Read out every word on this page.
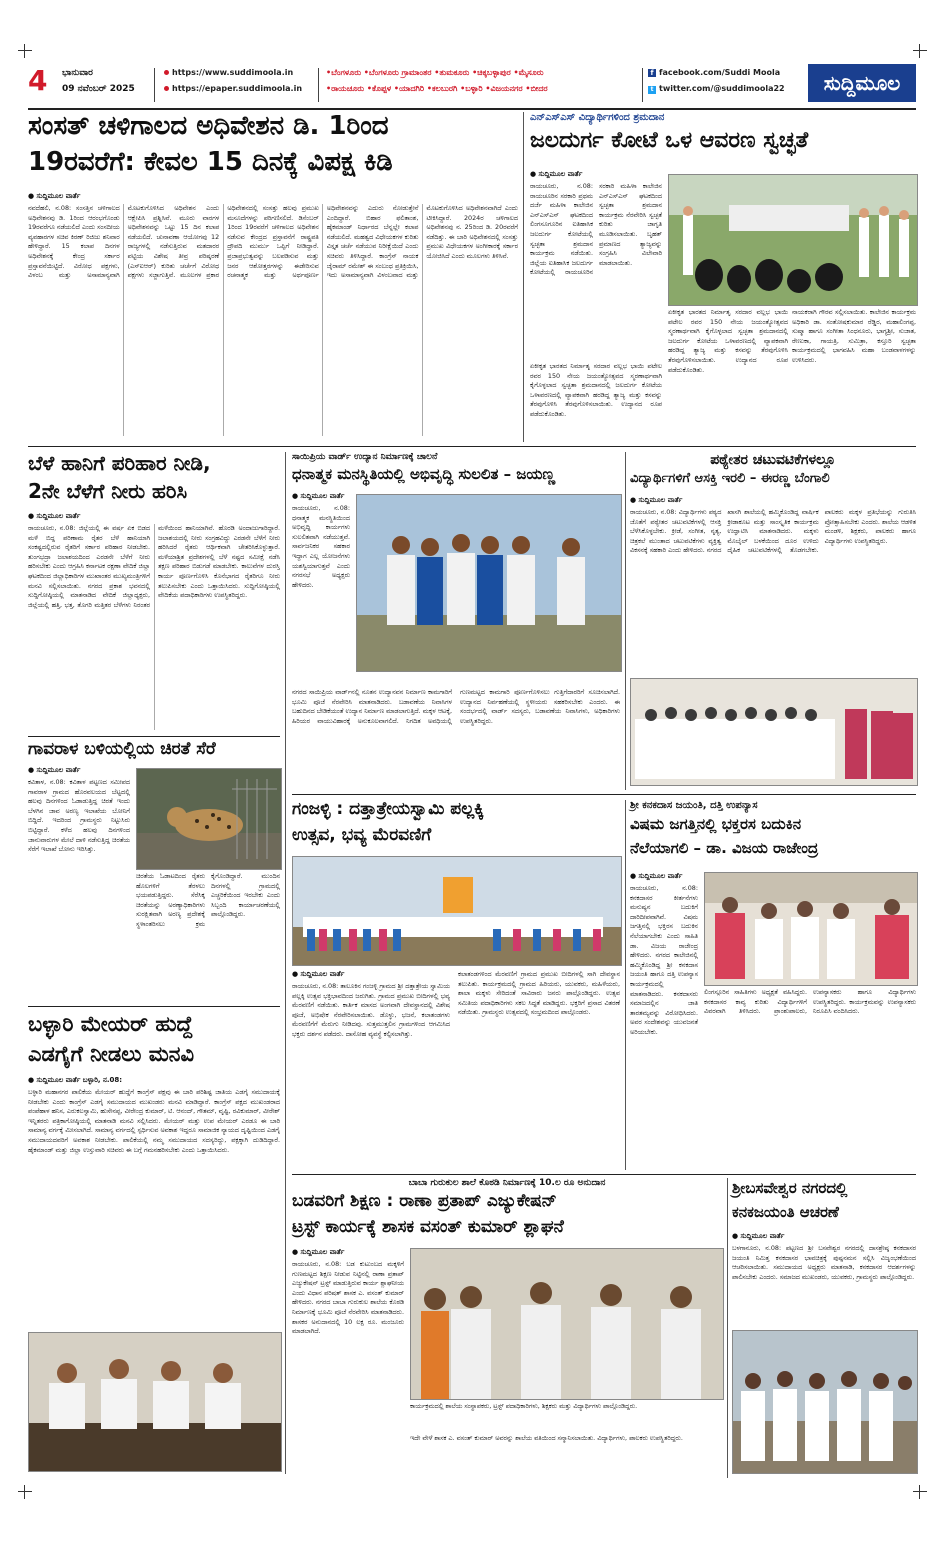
4 ಭಾನುವಾರ
09 ನವೆಂಬರ್ 2025
https://www.suddimoola.in
https://epaper.suddimoola.in
•ಬೆಂಗಳೂರು •ಬೆಂಗಳೂರು ಗ್ರಾಮಾಂತರ •ತುಮಕೂರು •ಚಿಕ್ಕಬಳ್ಳಾಪುರ •ಮೈಸೂರು
•ರಾಯಚೂರು •ಕೊಪ್ಪಳ •ಯಾದಗಿರಿ •ಕಲಬುರಗಿ •ಬಳ್ಳಾರಿ •ವಿಜಯನಗರ •ಬೀದರ
f facebook.com/Suddi Moola
t twitter.com/@suddimoola22	ಸುದ್ದಿಮೂಲ
ಸಂಸತ್ ಚಳಿಗಾಲದ ಅಧಿವೇಶನ ಡಿ. 1ರಿಂದ
19ರವರೆಗೆ: ಕೇವಲ 15 ದಿನಕ್ಕೆ ವಿಪಕ್ಷ ಕಿಡಿ
● ಸುದ್ದಿಮೂಲ ವಾರ್ತೆ
ನವದೆಹಲಿ, ನ.08: ಸಂಸತ್ತಿನ ಚಳಿಗಾಲದ ಅಧಿವೇಶನವು ಡಿ. 1ರಿಂದ ಆರಂಭಗೊಂಡು 19ರವರೆಗೂ ನಡೆಯಲಿದೆ ಎಂದು ಸಂಸದೀಯ ವ್ಯವಹಾರಗಳ ಸಚಿವ ಕಿರಣ್ ರಿಜಿಜು ಶನಿವಾರ ಹೇಳಿದ್ದಾರೆ. 15 ಕಲಾಪ ದಿನಗಳ ಅಧಿವೇಶನಕ್ಕೆ ಕೇಂದ್ರ ಸರ್ಕಾರ ಪ್ರಸ್ತಾವನೆಯಿಟ್ಟಿದೆ. ವಿರೋಧ ಪಕ್ಷಗಳು, ವಿಳಂಬ ಮತ್ತು ಅಸಾಮಾನ್ಯವಾಗಿ ಮೊಟಕುಗೊಳಿಸಿದ ಅಧಿವೇಶನ ಎಂದು ಆಕ್ಷೇಪಿಸಿ ಪ್ರಶ್ನಿಸಿವೆ. ಮೂರು ವಾರಗಳ ಅಧಿವೇಶನವನ್ನು ಒಟ್ಟು 15 ದಿನ ಕಲಾಪ ನಡೆಯಲಿದೆ. ಚುನಾವಣಾ ಆಯೋಗವು 12 ರಾಜ್ಯಗಳಲ್ಲಿ ನಡೆಸುತ್ತಿರುವ ಮತದಾರರ ಪಟ್ಟಿಯ ವಿಶೇಷ ತೀವ್ರ ಪರಿಷ್ಕರಣೆ (ಎಸ್ಐಆರ್) ಕುರಿತು ಚರ್ಚೆಗೆ ವಿರೋಧ ಪಕ್ಷಗಳು ಸಜ್ಜಾಗುತ್ತಿವೆ. ಮೂಲಗಳ ಪ್ರಕಾರ ಅಧಿವೇಶನದಲ್ಲಿ ಸಂಸತ್ತು ಹಲವು ಪ್ರಮುಖ ಮಸೂದೆಗಳನ್ನು ಪರಿಗಣಿಸಲಿದೆ. ಡಿಸೆಂಬರ್ 1ರಿಂದ 19ರವರೆಗೆ ಚಳಿಗಾಲದ ಅಧಿವೇಶನ ನಡೆಸುವ ಕೇಂದ್ರದ ಪ್ರಸ್ತಾವನೆಗೆ ರಾಷ್ಟ್ರಪತಿ ದ್ರೌಪದಿ ಮುರ್ಮು ಒಪ್ಪಿಗೆ ನೀಡಿದ್ದಾರೆ. ಪ್ರಜಾಪ್ರಭುತ್ವವನ್ನು ಬಲಪಡಿಸುವ ಮತ್ತು ಜನರ ಆಶೋತ್ತರಗಳನ್ನು ಈಡೇರಿಸುವ ರಚನಾತ್ಮಕ ಮತ್ತು ಅರ್ಥಪೂರ್ಣ ಅಧಿವೇಶನವನ್ನು ಎದುರು ನೋಡುತ್ತೇನೆ ಎಂದಿದ್ದಾರೆ. ಬಿಹಾರ ಫಲಿತಾಂಶ, ಹೈಕಮಾಂಡ್ ನಿರ್ಧಾರದ ಬೆನ್ನಲ್ಲೇ ಕಲಾಪ ನಡೆಯಲಿದೆ. ಮಹತ್ವದ ವಿಧೇಯಕಗಳ ಕುರಿತು ವಿಸ್ತೃತ ಚರ್ಚೆ ನಡೆಯುವ ನಿರೀಕ್ಷೆಯಿದೆ ಎಂದು ಸಚಿವರು ತಿಳಿಸಿದ್ದಾರೆ. ಕಾಂಗ್ರೆಸ್ ನಾಯಕ ಜೈರಾಮ್ ರಮೇಶ್ ಈ ಸಂಬಂಧ ಪ್ರತಿಕ್ರಿಯಿಸಿ, ಇದು ಅಸಾಮಾನ್ಯವಾಗಿ ವಿಳಂಬವಾದ ಮತ್ತು ಮೊಟಕುಗೊಳಿಸಿದ ಅಧಿವೇಶನವಾಗಿದೆ ಎಂದು ಟೀಕಿಸಿದ್ದಾರೆ. 2024ರ ಚಳಿಗಾಲದ ಅಧಿವೇಶನವು ನ. 25ರಿಂದ ಡಿ. 20ರವರೆಗೆ ನಡೆದಿತ್ತು. ಈ ಬಾರಿ ಅಧಿವೇಶನದಲ್ಲಿ ಸಂಸತ್ತು ಪ್ರಮುಖ ವಿಧೇಯಕಗಳ ಅಂಗೀಕಾರಕ್ಕೆ ಸರ್ಕಾರ ಯೋಜಿಸಿದೆ ಎಂದು ಮೂಲಗಳು ತಿಳಿಸಿವೆ.
ಎನ್ಎಸ್ಎಸ್ ವಿದ್ಯಾರ್ಥಿಗಳಿಂದ ಶ್ರಮದಾನ
ಜಲದುರ್ಗ ಕೋಟೆ ಒಳ ಆವರಣ ಸ್ವಚ್ಛತೆ
● ಸುದ್ದಿಮೂಲ ವಾರ್ತೆ
ರಾಯಚೂರು, ನ.08: ರಾಯಚೂರಿನ ಸರಕಾರಿ ಪ್ರಥಮ ದರ್ಜೆ ಮಹಿಳಾ ಕಾಲೇಜಿನ ಎನ್ಎಸ್ಎಸ್ ಘಟಕದಿಂದ ಲಿಂಗಸೂಗೂರಿನ ಐತಿಹಾಸಿಕ ಜಲದುರ್ಗ ಕೋಟೆಯಲ್ಲಿ ಸ್ವಚ್ಛತಾ ಶ್ರಮದಾನ ಕಾರ್ಯಕ್ರಮ ನಡೆಯಿತು. ಜಿಲ್ಲೆಯ ಐತಿಹಾಸಿಕ ಜಲದುರ್ಗ ಕೋಟೆಯಲ್ಲಿ ರಾಯಚೂರಿನ ಸರಕಾರಿ ಮಹಿಳಾ ಕಾಲೇಜಿನ ಎನ್ಎಸ್ಎಸ್ ಘಟಕದಿಂದ ಸ್ವಚ್ಛತಾ ಶ್ರಮದಾನ ಕಾರ್ಯಕ್ರಮ ನೆರವೇರಿಸಿ ಸ್ವಚ್ಛತೆ ಕುರಿತು ಜಾಗೃತಿ ಮೂಡಿಸಲಾಯಿತು. ಬೃಹತ್ ಪ್ರಮಾಣದ ತ್ಯಾಜ್ಯವನ್ನು ಸಂಗ್ರಹಿಸಿ ವಿಲೇವಾರಿ ಮಾಡಲಾಯಿತು.
ಏಕೀಕೃತ ಭಾರತದ ನಿರ್ಮಾತೃ ಸರದಾರ ವಲ್ಲಭ ಭಾಯಿ ಪಟೇಲ ರವರ 150 ನೇಯ ಜಯಂತ್ಯೋತ್ಸವದ ಸ್ಮರಣಾರ್ಥವಾಗಿ ಕೈಗೊಳ್ಳಲಾದ ಸ್ವಚ್ಛತಾ ಶ್ರಮದಾನದಲ್ಲಿ ಜಲದುರ್ಗ ಕೋಟೆಯ ಒಳಾವರಣದಲ್ಲಿ ವ್ಯಾಪಕವಾಗಿ ಹರಡಿದ್ದ ತ್ಯಾಜ್ಯ ಮತ್ತು ಕಸವನ್ನು ತೆರವುಗೊಳಿಸಿ ತೆರವುಗೊಳಿಸಲಾಯಿತು. ಉದ್ಯಾನದ ರೂಪ ಪಡೆದುಕೊಂಡಿತು.
ನಾಯಕರಾಗಿ ಗೌರವ ಸಲ್ಲಿಸಲಾಯಿತು. ಕಾಲೇಜಿನ ಕಾರ್ಯಕ್ರಮ ಅಧಿಕಾರಿ ಡಾ. ಸಂತೋಷಕುಮಾರ ರೆಡ್ಡಿರ, ಮಹಾಲಿಂಗಪ್ಪ, ಸುಷ್ಮಾ ಹಾಗೂ ಸಂಗೀತಾ ಸಿಂಧನೂರು, ಭಾಗ್ಯಶ್ರೀ, ಸುಜಾತ, ರೇಣುಕಾ, ಗಾಯತ್ರಿ, ಸುಮಿತ್ರಾ, ಕಸ್ತೂರಿ ಸ್ವಚ್ಛತಾ ಕಾರ್ಯಕ್ರಮದಲ್ಲಿ ಭಾಗವಹಿಸಿ ಮಹಾ ಬಂಡವಾಳಗಳನ್ನು ಉಳಿಸಿದರು.
ಏಕೀಕೃತ ಭಾರತದ ನಿರ್ಮಾತೃ ಸರದಾರ ವಲ್ಲಭ ಭಾಯಿ ಪಟೇಲ ರವರ 150 ನೇಯ ಜಯಂತ್ಯೋತ್ಸವದ ಸ್ಮರಣಾರ್ಥವಾಗಿ ಕೈಗೊಳ್ಳಲಾದ ಸ್ವಚ್ಛತಾ ಶ್ರಮದಾನದಲ್ಲಿ ಜಲದುರ್ಗ ಕೋಟೆಯ ಒಳಾವರಣದಲ್ಲಿ ವ್ಯಾಪಕವಾಗಿ ಹರಡಿದ್ದ ತ್ಯಾಜ್ಯ ಮತ್ತು ಕಸವನ್ನು ತೆರವುಗೊಳಿಸಿ ತೆರವುಗೊಳಿಸಲಾಯಿತು. ಉದ್ಯಾನದ ರೂಪ ಪಡೆದುಕೊಂಡಿತು.
ಬೆಳೆ ಹಾನಿಗೆ ಪರಿಹಾರ ನೀಡಿ,
2ನೇ ಬೆಳೆಗೆ ನೀರು ಹರಿಸಿ
● ಸುದ್ದಿಮೂಲ ವಾರ್ತೆ
ರಾಯಚೂರು, ನ.08: ಜಿಲ್ಲೆಯಲ್ಲಿ ಈ ವರ್ಷ ಏಕ ಬಿಡದ ಮಳೆ ಬಿದ್ದ ಪರಿಣಾಮ ರೈತರ ಬೆಳೆ ಹಾನಿಯಾಗಿ ಸಂಕಷ್ಟದಲ್ಲಿರುವ ರೈತರಿಗೆ ಸರ್ಕಾರ ಪರಿಹಾರ ನೀಡಬೇಕು. ತುಂಗಭದ್ರಾ ಜಲಾಶಯದಿಂದ ಎರಡನೇ ಬೆಳೆಗೆ ನೀರು ಹರಿಸಬೇಕು ಎಂದು ಆಗ್ರಹಿಸಿ ಕರ್ನಾಟಕ ರಕ್ಷಣಾ ವೇದಿಕೆ ಜಿಲ್ಲಾ ಘಟಕದಿಂದ ಜಿಲ್ಲಾಧಿಕಾರಿಗಳ ಮುಖಾಂತರ ಮುಖ್ಯಮಂತ್ರಿಗಳಿಗೆ ಮನವಿ ಸಲ್ಲಿಸಲಾಯಿತು. ನಗರದ ಪ್ರಕಾಶ ಭವನದಲ್ಲಿ ಸುದ್ದಿಗೋಷ್ಠಿಯಲ್ಲಿ ಮಾತನಾಡಿದ ವೇದಿಕೆ ಜಿಲ್ಲಾಧ್ಯಕ್ಷರು, ಜಿಲ್ಲೆಯಲ್ಲಿ ಹತ್ತಿ, ಭತ್ತ, ತೊಗರಿ ಮತ್ತಿತರ ಬೆಳೆಗಳು ನಿರಂತರ ಮಳೆಯಿಂದ ಹಾನಿಯಾಗಿವೆ. ಹೊರಡಿ ಅಂದಾಜುಗಾರಿದ್ದಾರೆ. ಜಲಾಶಯದಲ್ಲಿ ನೀರು ಸಂಗ್ರಹವಿದ್ದು ಎರಡನೇ ಬೆಳೆಗೆ ನೀರು ಹರಿಸಿದರೆ ರೈತರು ಆರ್ಥಿಕವಾಗಿ ಚೇತರಿಸಿಕೊಳ್ಳುತ್ತಾರೆ. ಮಳೆಯಾಶ್ರಿತ ಪ್ರದೇಶಗಳಲ್ಲಿ ಬೆಳೆ ನಷ್ಟದ ಸಮೀಕ್ಷೆ ನಡೆಸಿ ತಕ್ಷಣ ಪರಿಹಾರ ಬಿಡುಗಡೆ ಮಾಡಬೇಕು. ಕಾಲುವೆಗಳ ದುರಸ್ತಿ ಕಾರ್ಯ ಪೂರ್ಣಗೊಳಿಸಿ ಕೊನೆಭಾಗದ ರೈತರಿಗೂ ನೀರು ತಲುಪಿಸಬೇಕು ಎಂದು ಒತ್ತಾಯಿಸಿದರು. ಸುದ್ದಿಗೋಷ್ಠಿಯಲ್ಲಿ ವೇದಿಕೆಯ ಪದಾಧಿಕಾರಿಗಳು ಉಪಸ್ಥಿತರಿದ್ದರು.
ಗಾವರಾಳ ಬಳಿಯಲ್ಲಿಯ ಚಿರತೆ ಸೆರೆ
● ಸುದ್ದಿಮೂಲ ವಾರ್ತೆ
ಕವಿತಾಳ, ನ.08: ಕವಿತಾಳ ಪಟ್ಟಣದ ಸಮೀಪದ ಗಾವರಾಳ ಗ್ರಾಮದ ಹೊರವಲಯದ ಬೆಟ್ಟದಲ್ಲಿ ಹಲವು ದಿನಗಳಿಂದ ಓಡಾಡುತ್ತಿದ್ದ ಚಿರತೆ ಇಂದು ಬೆಳಗಿನ ಜಾವ ಅರಣ್ಯ ಇಲಾಖೆಯ ಬೋನಿಗೆ ಬಿದ್ದಿದೆ. ಇದರಿಂದ ಗ್ರಾಮಸ್ಥರು ನಿಟ್ಟುಸಿರು ಬಿಟ್ಟಿದ್ದಾರೆ. ಕಳೆದ ಹಲವು ದಿನಗಳಿಂದ ಜಾನುವಾರುಗಳ ಮೇಲೆ ದಾಳಿ ನಡೆಸುತ್ತಿದ್ದ ಚಿರತೆಯ ಸೆರೆಗೆ ಇಲಾಖೆ ಬೋನು ಇರಿಸಿತ್ತು.
ಚಿರತೆಯ ಓಡಾಟದಿಂದ ರೈತರು ಹೊಲಗಳಿಗೆ ತೆರಳಲು ಭಯಪಡುತ್ತಿದ್ದರು. ಸೆರೆಸಿಕ್ಕ ಚಿರತೆಯನ್ನು ಅರಣ್ಯಾಧಿಕಾರಿಗಳು ಸುರಕ್ಷಿತವಾಗಿ ಅರಣ್ಯ ಪ್ರದೇಶಕ್ಕೆ ಸ್ಥಳಾಂತರಿಸಲು ಕ್ರಮ ಕೈಗೊಂಡಿದ್ದಾರೆ. ಮುಂದಿನ ದಿನಗಳಲ್ಲಿ ಗ್ರಾಮದಲ್ಲಿ ಎಚ್ಚರಿಕೆಯಿಂದ ಇರಬೇಕು ಎಂದು ಸಿಬ್ಬಂದಿ ಕಾರ್ಯಾಚರಣೆಯಲ್ಲಿ ಪಾಲ್ಗೊಂಡಿದ್ದರು.
ಬಳ್ಳಾರಿ ಮೇಯರ್ ಹುದ್ದೆ
ಎಡಗೈಗೆ ನೀಡಲು ಮನವಿ
● ಸುದ್ದಿಮೂಲ ವಾರ್ತೆ ಬಳ್ಳಾರಿ, ನ.08:
ಬಳ್ಳಾರಿ ಮಹಾನಗರ ಪಾಲಿಕೆಯ ಮೇಯರ್ ಹುದ್ದೆಗೆ ಕಾಂಗ್ರೆಸ್ ಪಕ್ಷವು ಈ ಬಾರಿ ಪರಿಶಿಷ್ಟ ಜಾತಿಯ ಎಡಗೈ ಸಮುದಾಯಕ್ಕೆ ನೀಡಬೇಕು ಎಂದು ಕಾಂಗ್ರೆಸ್ ಎಡಗೈ ಸಮುದಾಯದ ಮುಖಂಡರು ಮನವಿ ಮಾಡಿದ್ದಾರೆ. ಕಾಂಗ್ರೆಸ್ ಪಕ್ಷದ ಮುಖಂಡರಾದ ಪಂಪೆಹಾಳ ಹನಿಸ, ಎರುಕಲಸ್ವಾಮಿ, ಹುಸೇನಪ್ಪ, ವೀರೇಂದ್ರ ಕುಮಾರ್, ಟಿ. ಆನಂದ್, ಗೌತಮ್, ವೃಷ್ಟಿ, ರವಿಕುಮಾರ್, ವೀರೇಶ್ ಇನ್ನಿತರರು ಪತ್ರಿಕಾಗೋಷ್ಠಿಯಲ್ಲಿ ಮಾತನಾಡಿ ಮನವಿ ಸಲ್ಲಿಸಿದರು. ಮೇಯರ್ ಮತ್ತು ಉಪ ಮೇಯರ್ ಎರಡೂ ಈ ಬಾರಿ ಸಾಮಾನ್ಯ ವರ್ಗಕ್ಕೆ ಮೀಸಲಾಗಿದೆ. ಸಾಮಾನ್ಯ ವರ್ಗದಲ್ಲಿ ಸ್ಪರ್ಧಿಸುವ ಅವಕಾಶ ಇದ್ದರೂ ಸಾಮಾಜಿಕ ನ್ಯಾಯದ ದೃಷ್ಟಿಯಿಂದ ಎಡಗೈ ಸಮುದಾಯದವರಿಗೆ ಅವಕಾಶ ನೀಡಬೇಕು. ಪಾಲಿಕೆಯಲ್ಲಿ ನಮ್ಮ ಸಮುದಾಯದ ಸದಸ್ಯರಿದ್ದು, ಪಕ್ಷಕ್ಕಾಗಿ ದುಡಿದಿದ್ದಾರೆ. ಹೈಕಮಾಂಡ್ ಮತ್ತು ಜಿಲ್ಲಾ ಉಸ್ತುವಾರಿ ಸಚಿವರು ಈ ಬಗ್ಗೆ ಗಮನಹರಿಸಬೇಕು ಎಂದು ಒತ್ತಾಯಿಸಿದರು.
ಸಾಯಿಪ್ರಿಯ ವಾರ್ಡ್ ಉದ್ಯಾನ ನಿರ್ಮಾಣಕ್ಕೆ ಚಾಲನೆ
ಧನಾತ್ಮಕ ಮನಸ್ಥಿತಿಯಲ್ಲಿ ಅಭಿವೃದ್ಧಿ ಸುಲಲಿತ – ಜಯಣ್ಣ
● ಸುದ್ದಿಮೂಲ ವಾರ್ತೆ
ರಾಯಚೂರು, ನ.08: ಧನಾತ್ಮಕ ಮನಸ್ಥಿತಿಯಿಂದ ಅಭಿವೃದ್ಧಿ ಕಾರ್ಯಗಳು ಸುಲಲಿತವಾಗಿ ನಡೆಯುತ್ತವೆ. ಸಾರ್ವಜನಿಕರ ಸಹಕಾರ ಇದ್ದಾಗ ಎಲ್ಲ ಯೋಜನೆಗಳು ಯಶಸ್ವಿಯಾಗುತ್ತವೆ ಎಂದು ನಗರಸಭೆ ಅಧ್ಯಕ್ಷರು ಹೇಳಿದರು.
ನಗರದ ಸಾಯಿಪ್ರಿಯ ವಾರ್ಡ್‌ನಲ್ಲಿ ನೂತನ ಉದ್ಯಾನವನ ನಿರ್ಮಾಣ ಕಾಮಗಾರಿಗೆ ಭೂಮಿ ಪೂಜೆ ನೆರವೇರಿಸಿ ಮಾತನಾಡಿದರು. ಬಡಾವಣೆಯ ನಿವಾಸಿಗಳ ಬಹುದಿನದ ಬೇಡಿಕೆಯಂತೆ ಉದ್ಯಾನ ನಿರ್ಮಾಣ ಮಾಡಲಾಗುತ್ತಿದೆ. ಮಕ್ಕಳ ಆಟಕ್ಕೆ, ಹಿರಿಯರ ವಾಯುವಿಹಾರಕ್ಕೆ ಅನುಕೂಲವಾಗಲಿದೆ. ನಿಗದಿತ ಅವಧಿಯಲ್ಲಿ ಗುಣಮಟ್ಟದ ಕಾಮಗಾರಿ ಪೂರ್ಣಗೊಳಿಸಲು ಗುತ್ತಿಗೆದಾರರಿಗೆ ಸೂಚಿಸಲಾಗಿದೆ. ಉದ್ಯಾನದ ನಿರ್ವಹಣೆಯಲ್ಲಿ ಸ್ಥಳೀಯರು ಸಹಕರಿಸಬೇಕು ಎಂದರು. ಈ ಸಂದರ್ಭದಲ್ಲಿ ವಾರ್ಡ್ ಸದಸ್ಯರು, ಬಡಾವಣೆಯ ನಿವಾಸಿಗಳು, ಅಧಿಕಾರಿಗಳು ಉಪಸ್ಥಿತರಿದ್ದರು.
ಪಠ್ಯೇತರ ಚಟುವಟಿಕೆಗಳಲ್ಲೂ
ವಿದ್ಯಾರ್ಥಿಗಳಿಗೆ ಆಸಕ್ತಿ ಇರಲಿ – ಈರಣ್ಣ ಬೆಂಗಾಲಿ
● ಸುದ್ದಿಮೂಲ ವಾರ್ತೆ
ರಾಯಚೂರು, ನ.08: ವಿದ್ಯಾರ್ಥಿಗಳು ಪಠ್ಯದ ಜೊತೆಗೆ ಪಠ್ಯೇತರ ಚಟುವಟಿಕೆಗಳಲ್ಲಿ ಆಸಕ್ತಿ ಬೆಳೆಸಿಕೊಳ್ಳಬೇಕು. ಕ್ರೀಡೆ, ಸಂಗೀತ, ನೃತ್ಯ, ಚಿತ್ರಕಲೆ ಮುಂತಾದ ಚಟುವಟಿಕೆಗಳು ವ್ಯಕ್ತಿತ್ವ ವಿಕಸನಕ್ಕೆ ಸಹಕಾರಿ ಎಂದು ಹೇಳಿದರು. ನಗರದ ಖಾಸಗಿ ಶಾಲೆಯಲ್ಲಿ ಹಮ್ಮಿಕೊಂಡಿದ್ದ ವಾರ್ಷಿಕ ಕ್ರೀಡಾಕೂಟ ಮತ್ತು ಸಾಂಸ್ಕೃತಿಕ ಕಾರ್ಯಕ್ರಮ ಉದ್ಘಾಟಿಸಿ ಮಾತನಾಡಿದರು. ಮಕ್ಕಳು ಮೊಬೈಲ್ ಬಳಕೆಯಿಂದ ದೂರ ಉಳಿದು ದೈಹಿಕ ಚಟುವಟಿಕೆಗಳಲ್ಲಿ ತೊಡಗಬೇಕು. ಪಾಲಕರು ಮಕ್ಕಳ ಪ್ರತಿಭೆಯನ್ನು ಗುರುತಿಸಿ ಪ್ರೋತ್ಸಾಹಿಸಬೇಕು ಎಂದರು. ಶಾಲೆಯ ಆಡಳಿತ ಮಂಡಳಿ, ಶಿಕ್ಷಕರು, ಪಾಲಕರು ಹಾಗೂ ವಿದ್ಯಾರ್ಥಿಗಳು ಉಪಸ್ಥಿತರಿದ್ದರು.
ಗಂಜಳ್ಳಿ : ದತ್ತಾತ್ರೇಯಸ್ವಾಮಿ ಪಲ್ಲಕ್ಕಿ
ಉತ್ಸವ, ಭವ್ಯ ಮೆರವಣಿಗೆ
● ಸುದ್ದಿಮೂಲ ವಾರ್ತೆ
ರಾಯಚೂರು, ನ.08: ತಾಲೂಕಿನ ಗಂಜಳ್ಳಿ ಗ್ರಾಮದ ಶ್ರೀ ದತ್ತಾತ್ರೇಯ ಸ್ವಾಮಿಯ ಪಲ್ಲಕ್ಕಿ ಉತ್ಸವ ಭಕ್ತಿಭಾವದಿಂದ ಜರುಗಿತು. ಗ್ರಾಮದ ಪ್ರಮುಖ ಬೀದಿಗಳಲ್ಲಿ ಭವ್ಯ ಮೆರವಣಿಗೆ ನಡೆಯಿತು. ಕಾರ್ತಿಕ ಮಾಸದ ಅಂಗವಾಗಿ ದೇವಸ್ಥಾನದಲ್ಲಿ ವಿಶೇಷ ಪೂಜೆ, ಅಭಿಷೇಕ ನೆರವೇರಿಸಲಾಯಿತು. ಡೊಳ್ಳು, ಭಜನೆ, ಕಲಾತಂಡಗಳು ಮೆರವಣಿಗೆಗೆ ಮೆರುಗು ನೀಡಿದವು. ಸುತ್ತಮುತ್ತಲಿನ ಗ್ರಾಮಗಳಿಂದ ಆಗಮಿಸಿದ ಭಕ್ತರು ದರ್ಶನ ಪಡೆದರು. ದಾಸೋಹ ವ್ಯವಸ್ಥೆ ಕಲ್ಪಿಸಲಾಗಿತ್ತು.
ಕಲಾತಂಡಗಳಿಂದ ಮೆರವಣಿಗೆ ಗ್ರಾಮದ ಪ್ರಮುಖ ಬೀದಿಗಳಲ್ಲಿ ಸಾಗಿ ದೇವಸ್ಥಾನ ತಲುಪಿತು. ಕಾರ್ಯಕ್ರಮದಲ್ಲಿ ಗ್ರಾಮದ ಹಿರಿಯರು, ಯುವಕರು, ಮಹಿಳೆಯರು, ಶಾಲಾ ಮಕ್ಕಳು ಸೇರಿದಂತೆ ಸಾವಿರಾರು ಜನರು ಪಾಲ್ಗೊಂಡಿದ್ದರು. ಉತ್ಸವ ಸಮಿತಿಯ ಪದಾಧಿಕಾರಿಗಳು ಸಕಲ ಸಿದ್ಧತೆ ಮಾಡಿದ್ದರು. ಭಕ್ತರಿಗೆ ಪ್ರಸಾದ ವಿತರಣೆ ನಡೆಯಿತು. ಗ್ರಾಮಸ್ಥರು ಉತ್ಸವದಲ್ಲಿ ಸಂಭ್ರಮದಿಂದ ಪಾಲ್ಗೊಂಡರು.
ಶ್ರೀ ಕನಕದಾಸ ಜಯಂತಿ, ದತ್ತಿ ಉಪನ್ಯಾಸ
ವಿಷಮ ಜಗತ್ತಿನಲ್ಲಿ ಭಕ್ತರಸ ಬದುಕಿನ
ನೆಲೆಯಾಗಲಿ – ಡಾ. ವಿಜಯ ರಾಜೇಂದ್ರ
● ಸುದ್ದಿಮೂಲ ವಾರ್ತೆ
ರಾಯಚೂರು, ನ.08: ಕನಕದಾಸರ ಕೀರ್ತನೆಗಳು ಮನುಷ್ಯನ ಬದುಕಿಗೆ ದಾರಿದೀಪವಾಗಿವೆ. ವಿಷಮ ಜಗತ್ತಿನಲ್ಲಿ ಭಕ್ತಿರಸ ಬದುಕಿನ ನೆಲೆಯಾಗಬೇಕು ಎಂದು ಸಾಹಿತಿ ಡಾ. ವಿಜಯ ರಾಜೇಂದ್ರ ಹೇಳಿದರು. ನಗರದ ಕಾಲೇಜಿನಲ್ಲಿ ಹಮ್ಮಿಕೊಂಡಿದ್ದ ಶ್ರೀ ಕನಕದಾಸ ಜಯಂತಿ ಹಾಗೂ ದತ್ತಿ ಉಪನ್ಯಾಸ ಕಾರ್ಯಕ್ರಮದಲ್ಲಿ ಮಾತನಾಡಿದರು. ಕನಕದಾಸರು ಸಮಾಜದಲ್ಲಿನ ಜಾತಿ ತಾರತಮ್ಯವನ್ನು ವಿರೋಧಿಸಿದರು. ಅವರ ಸಂದೇಶವನ್ನು ಯುವಜನತೆ ಅರಿಯಬೇಕು.
ಲಿಂಗಸ್ಗೂರಿನ ಸಾಹಿತಿಗಳು ಅಧ್ಯಕ್ಷತೆ ವಹಿಸಿದ್ದರು. ಕನಕದಾಸರ ಕಾವ್ಯ ಕುರಿತು ವಿದ್ಯಾರ್ಥಿಗಳಿಗೆ ವಿವರವಾಗಿ ತಿಳಿಸಿದರು. ಪ್ರಾಂಶುಪಾಲರು, ಉಪನ್ಯಾಸಕರು ಹಾಗೂ ವಿದ್ಯಾರ್ಥಿಗಳು ಉಪಸ್ಥಿತರಿದ್ದರು. ಕಾರ್ಯಕ್ರಮವನ್ನು ಉಪನ್ಯಾಸಕರು ನಿರೂಪಿಸಿ ವಂದಿಸಿದರು.
ಬಾಬಾ ಗುರುಕುಲ ಶಾಲೆ ಕೊಠಡಿ ನಿರ್ಮಾಣಕ್ಕೆ 10.ಲ ರೂ ಅನುದಾನ
ಬಡವರಿಗೆ ಶಿಕ್ಷಣ : ರಾಣಾ ಪ್ರತಾಪ್ ಎಜ್ಯುಕೇಷನ್
ಟ್ರಸ್ಟ್ ಕಾರ್ಯಕ್ಕೆ ಶಾಸಕ ವಸಂತ್ ಕುಮಾರ್ ಶ್ಲಾಘನೆ
● ಸುದ್ದಿಮೂಲ ವಾರ್ತೆ
ರಾಯಚೂರು, ನ.08: ಬಡ ಕುಟುಂಬದ ಮಕ್ಕಳಿಗೆ ಗುಣಮಟ್ಟದ ಶಿಕ್ಷಣ ನೀಡುವ ನಿಟ್ಟಿನಲ್ಲಿ ರಾಣಾ ಪ್ರತಾಪ್ ಎಜ್ಯುಕೇಷನ್ ಟ್ರಸ್ಟ್ ಮಾಡುತ್ತಿರುವ ಕಾರ್ಯ ಶ್ಲಾಘನೀಯ ಎಂದು ವಿಧಾನ ಪರಿಷತ್ ಶಾಸಕ ಎ. ವಸಂತ್ ಕುಮಾರ್ ಹೇಳಿದರು. ನಗರದ ಬಾಬಾ ಗುರುಕುಲ ಶಾಲೆಯ ಕೊಠಡಿ ನಿರ್ಮಾಣಕ್ಕೆ ಭೂಮಿ ಪೂಜೆ ನೆರವೇರಿಸಿ ಮಾತನಾಡಿದರು. ಶಾಸಕರ ಅನುದಾನದಲ್ಲಿ 10 ಲಕ್ಷ ರೂ. ಮಂಜೂರು ಮಾಡಲಾಗಿದೆ.
ಕಾರ್ಯಕ್ರಮದಲ್ಲಿ ಶಾಲೆಯ ಸಂಸ್ಥಾಪಕರು, ಟ್ರಸ್ಟ್ ಪದಾಧಿಕಾರಿಗಳು, ಶಿಕ್ಷಕರು ಮತ್ತು ವಿದ್ಯಾರ್ಥಿಗಳು ಪಾಲ್ಗೊಂಡಿದ್ದರು.
ಇದೇ ವೇಳೆ ಶಾಸಕ ಎ. ವಸಂತ್ ಕುಮಾರ್ ಅವರನ್ನು ಶಾಲೆಯ ವತಿಯಿಂದ ಸನ್ಮಾನಿಸಲಾಯಿತು. ವಿದ್ಯಾರ್ಥಿಗಳು, ಪಾಲಕರು ಉಪಸ್ಥಿತರಿದ್ದರು.
ಶ್ರೀಬಸವೇಶ್ವರ ನಗರದಲ್ಲಿ
ಕನಕಜಯಂತಿ ಆಚರಣೆ
● ಸುದ್ದಿಮೂಲ ವಾರ್ತೆ
ಬಳಗಾನೂರು, ನ.08: ಪಟ್ಟಣದ ಶ್ರೀ ಬಸವೇಶ್ವರ ನಗರದಲ್ಲಿ ದಾಸಶ್ರೇಷ್ಠ ಕನಕದಾಸರ ಜಯಂತಿ ನಿಮಿತ್ತ ಕನಕದಾಸರ ಭಾವಚಿತ್ರಕ್ಕೆ ಪುಷ್ಪನಮನ ಸಲ್ಲಿಸಿ ವಿಜೃಂಭಣೆಯಿಂದ ಆಚರಿಸಲಾಯಿತು. ಸಮುದಾಯದ ಅಧ್ಯಕ್ಷರು ಮಾತನಾಡಿ, ಕನಕದಾಸರ ಆದರ್ಶಗಳನ್ನು ಪಾಲಿಸಬೇಕು ಎಂದರು. ಸಮಾಜದ ಮುಖಂಡರು, ಯುವಕರು, ಗ್ರಾಮಸ್ಥರು ಪಾಲ್ಗೊಂಡಿದ್ದರು.
